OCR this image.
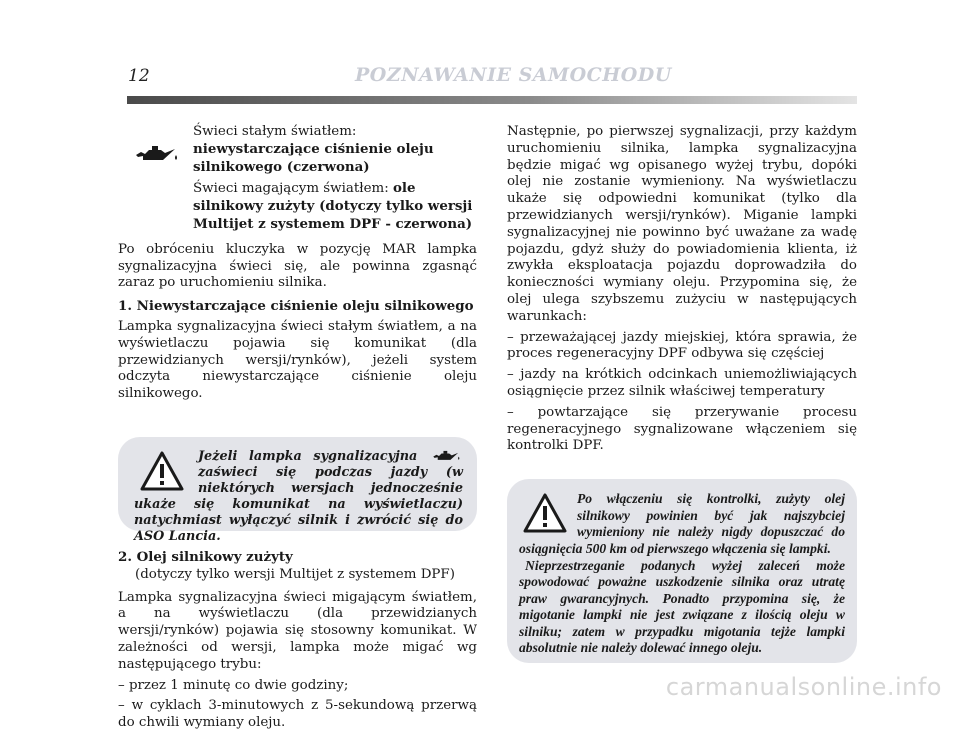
12	POZNAWANIE SAMOCHODU

Świeci stałym światłem: niewystarczające ciśnienie oleju silnikowego (czerwona)

Świeci magającym światłem: ole silnikowy zużyty (dotyczy tylko wersji Multijet z systemem DPF - czerwona)

Po obróceniu kluczyka w pozycję MAR lampka sygnalizacyjna świeci się, ale powinna zgasnąć zaraz po uruchomieniu silnika.

1. Niewystarczające ciśnienie oleju silnikowego

Lampka sygnalizacyjna świeci stałym światłem, a na wyświetlaczu pojawia się komunikat (dla przewidzianych wersji/rynków), jeżeli system odczyta niewystarczające ciśnienie oleju silnikowego.

Jeżeli lampka sygnalizacyjna  zaświeci się podczas jazdy (w niektórych wersjach jednocześnie ukaże się komunikat na wyświetlaczu) natychmiast wyłączyć silnik i zwrócić się do ASO Lancia.

2. Olej silnikowy zużyty
(dotyczy tylko wersji Multijet z systemem DPF)

Lampka sygnalizacyjna świeci migającym światłem, a na wyświetlaczu (dla przewidzianych wersji/rynków) pojawia się stosowny komunikat. W zależności od wersji, lampka może migać wg następującego trybu:

– przez 1 minutę co dwie godziny;

– w cyklach 3-minutowych z 5-sekundową przerwą do chwili wymiany oleju.

Następnie, po pierwszej sygnalizacji, przy każdym uruchomieniu silnika, lampka sygnalizacyjna będzie migać wg opisanego wyżej trybu, dopóki olej nie zostanie wymieniony. Na wyświetlaczu ukaże się odpowiedni komunikat (tylko dla przewidzianych wersji/rynków). Miganie lampki sygnalizacyjnej nie powinno być uważane za wadę pojazdu, gdyż służy do powiadomienia klienta, iż zwykła eksploatacja pojazdu doprowadziła do konieczności wymiany oleju. Przypomina się, że olej ulega szybszemu zużyciu w następujących warunkach:

– przeważającej jazdy miejskiej, która sprawia, że proces regeneracyjny DPF odbywa się częściej

– jazdy na krótkich odcinkach uniemożliwiających osiągnięcie przez silnik właściwej temperatury

– powtarzające się przerywanie procesu regeneracyjnego sygnalizowane włączeniem się kontrolki DPF.

Po włączeniu się kontrolki, zużyty olej silnikowy powinien być jak najszybciej wymieniony nie należy nigdy dopuszczać do osiągnięcia 500 km od pierwszego włączenia się lampki.

Nieprzestrzeganie podanych wyżej zaleceń może spowodować poważne uszkodzenie silnika oraz utratę praw gwarancyjnych. Ponadto przypomina się, że migotanie lampki nie jest związane z ilością oleju w silniku; zatem w przypadku migotania tejże lampki absolutnie nie należy dolewać innego oleju.

carmanualsonline.info
